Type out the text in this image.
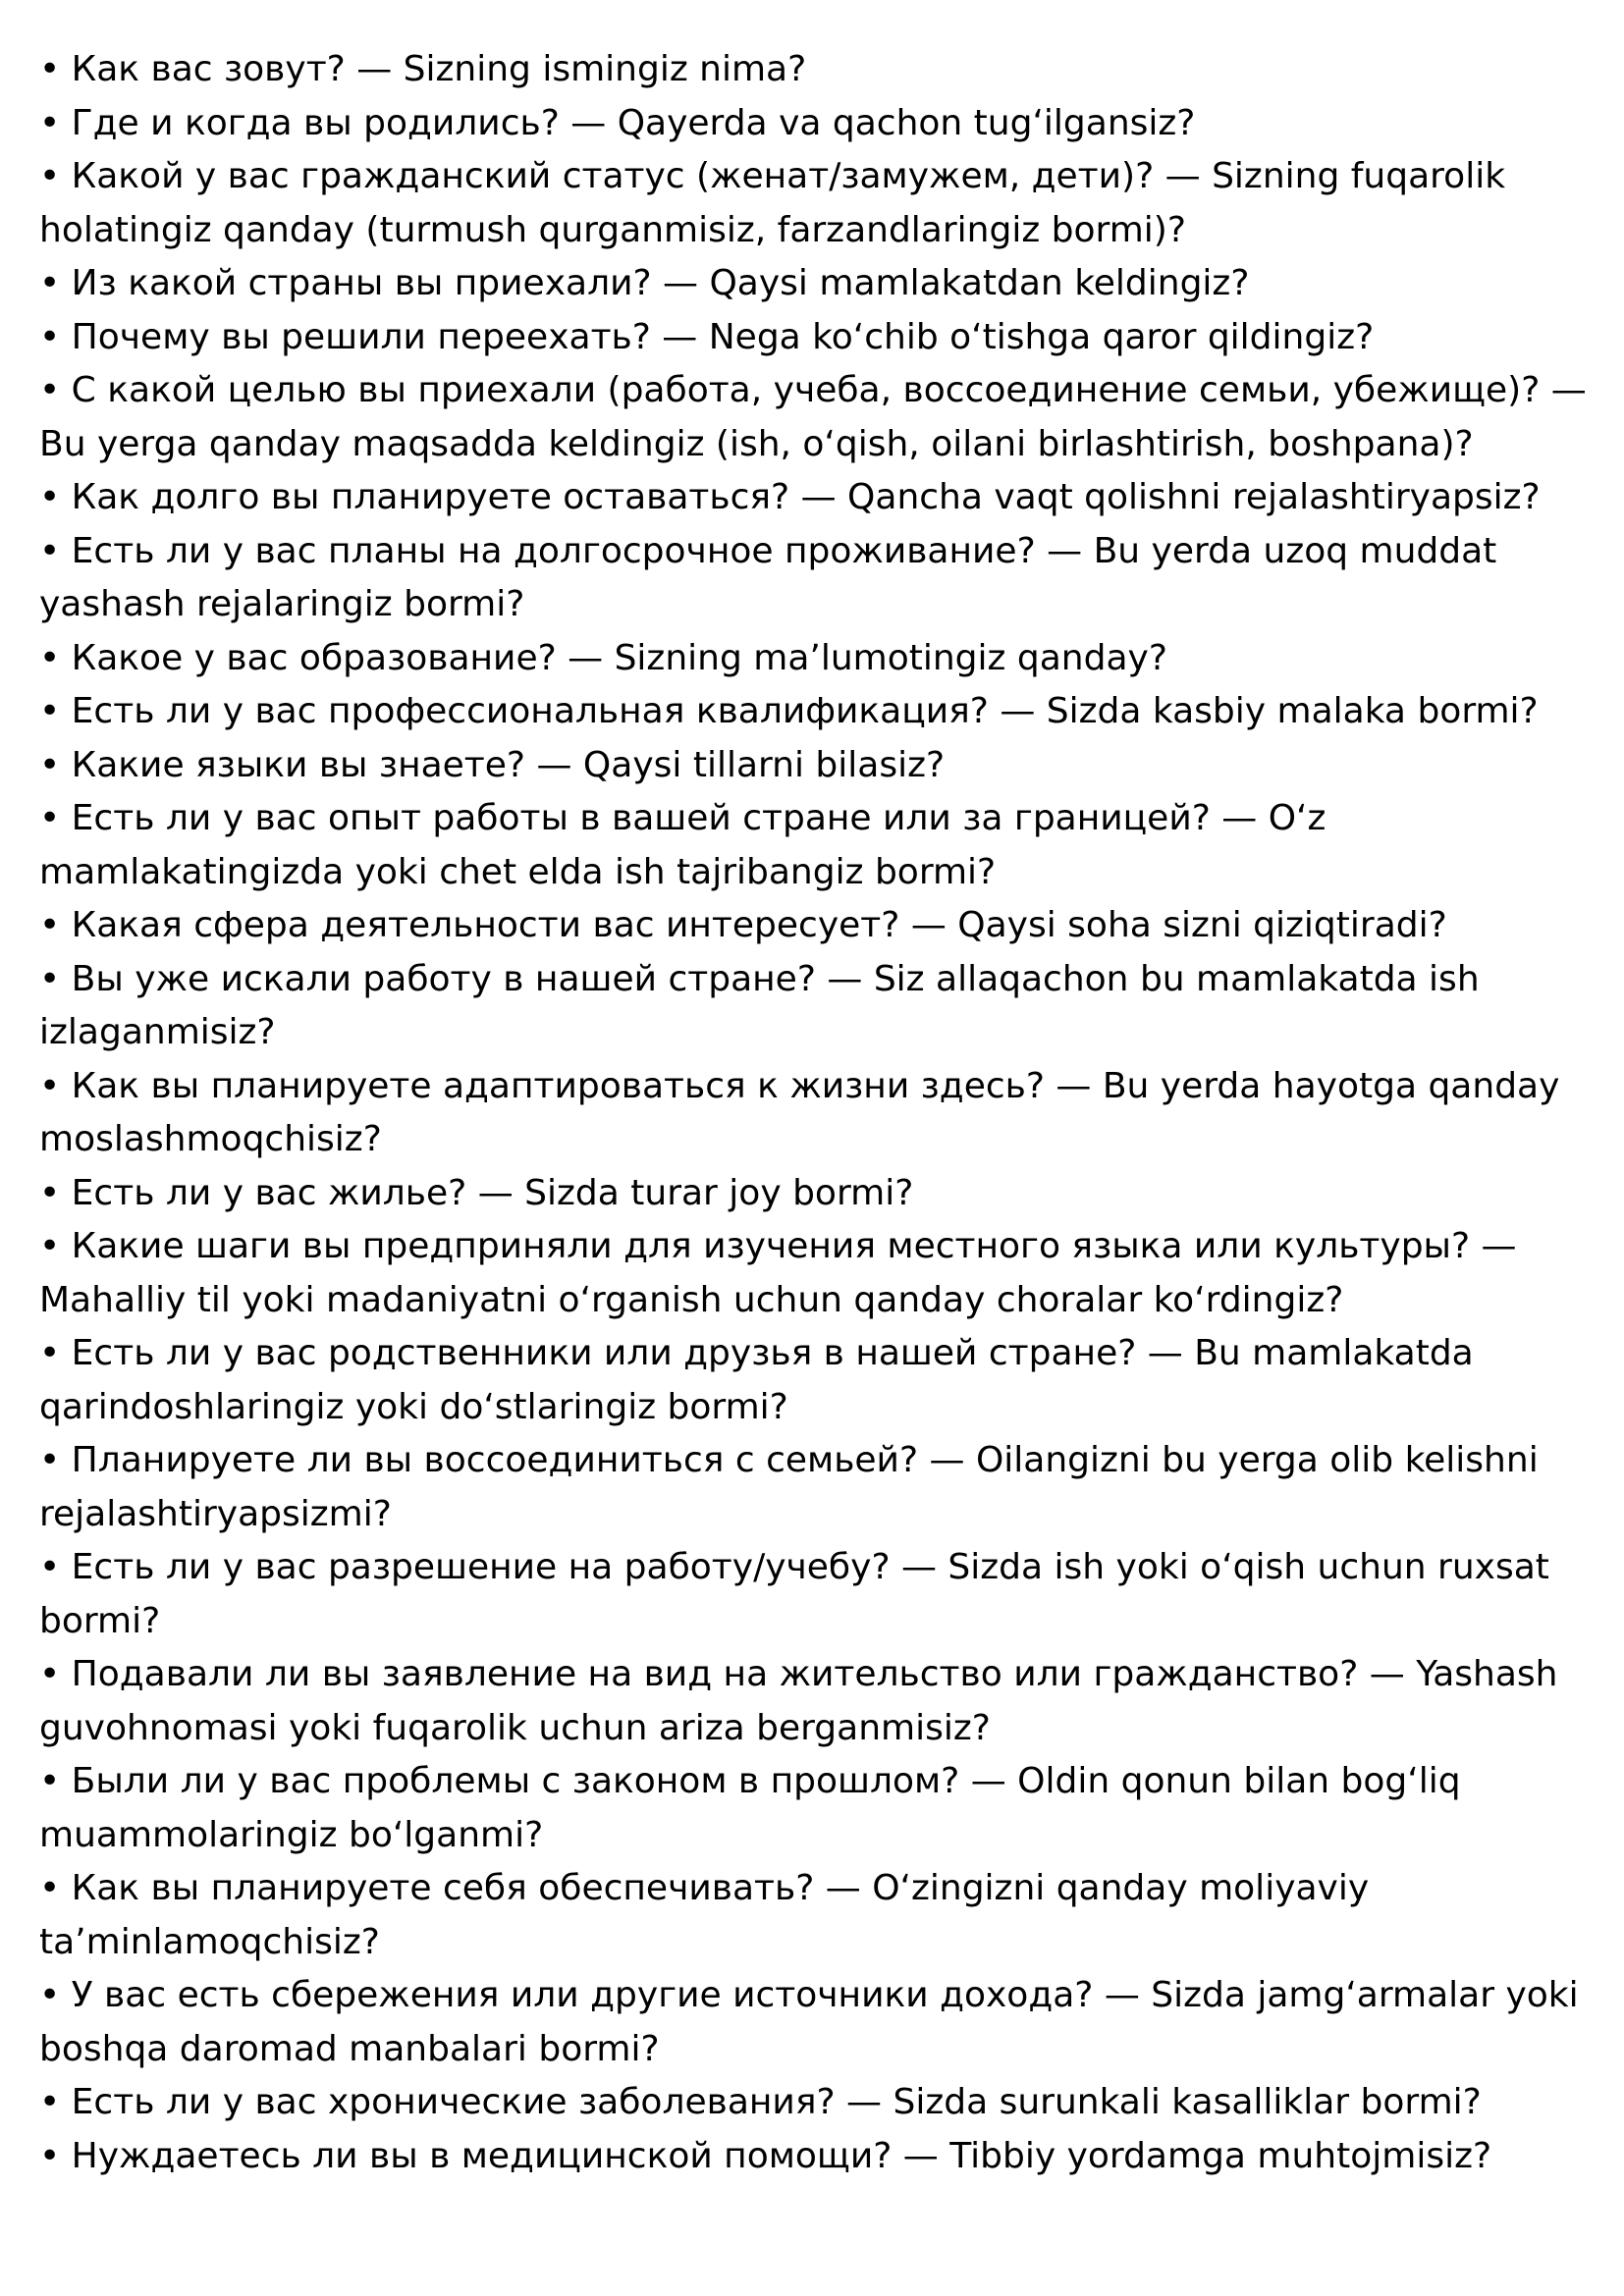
• Как вас зовут? — Sizning ismingiz nima?

• Где и когда вы родились? — Qayerda va qachon tugʻilgansiz?

• Какой у вас гражданский статус (женат/замужем, дети)? — Sizning fuqarolik holatingiz qanday (turmush qurganmisiz, farzandlaringiz bormi)?

• Из какой страны вы приехали? — Qaysi mamlakatdan keldingiz?

• Почему вы решили переехать? — Nega koʻchib oʻtishga qaror qildingiz?

• С какой целью вы приехали (работа, учеба, воссоединение семьи, убежище)? — Bu yerga qanday maqsadda keldingiz (ish, oʻqish, oilani birlashtirish, boshpana)?

• Как долго вы планируете оставаться? — Qancha vaqt qolishni rejalashtiryapsiz?

• Есть ли у вас планы на долгосрочное проживание? — Bu yerda uzoq muddat yashash rejalaringiz bormi?

• Какое у вас образование? — Sizning maʼlumotingiz qanday?

• Есть ли у вас профессиональная квалификация? — Sizda kasbiy malaka bormi?

• Какие языки вы знаете? — Qaysi tillarni bilasiz?

• Есть ли у вас опыт работы в вашей стране или за границей? — Oʻz mamlakatingizda yoki chet elda ish tajribangiz bormi?

• Какая сфера деятельности вас интересует? — Qaysi soha sizni qiziqtiradi?

• Вы уже искали работу в нашей стране? — Siz allaqachon bu mamlakatda ish izlaganmisiz?

• Как вы планируете адаптироваться к жизни здесь? — Bu yerda hayotga qanday moslashmoqchisiz?

• Есть ли у вас жилье? — Sizda turar joy bormi?

• Какие шаги вы предприняли для изучения местного языка или культуры? — Mahalliy til yoki madaniyatni oʻrganish uchun qanday choralar koʻrdingiz?

• Есть ли у вас родственники или друзья в нашей стране? — Bu mamlakatda qarindoshlaringiz yoki doʻstlaringiz bormi?

• Планируете ли вы воссоединиться с семьей? — Oilangizni bu yerga olib kelishni rejalashtiryapsizmi?

• Есть ли у вас разрешение на работу/учебу? — Sizda ish yoki oʻqish uchun ruxsat bormi?

• Подавали ли вы заявление на вид на жительство или гражданство? — Yashash guvohnomasi yoki fuqarolik uchun ariza berganmisiz?

• Были ли у вас проблемы с законом в прошлом? — Oldin qonun bilan bogʻliq muammolaringiz boʻlganmi?

• Как вы планируете себя обеспечивать? — Oʻzingizni qanday moliyaviy taʼminlamoqchisiz?

• У вас есть сбережения или другие источники дохода? — Sizda jamgʻarmalar yoki boshqa daromad manbalari bormi?

• Есть ли у вас хронические заболевания? — Sizda surunkali kasalliklar bormi?

• Нуждаетесь ли вы в медицинской помощи? — Tibbiy yordamga muhtojmisiz?
